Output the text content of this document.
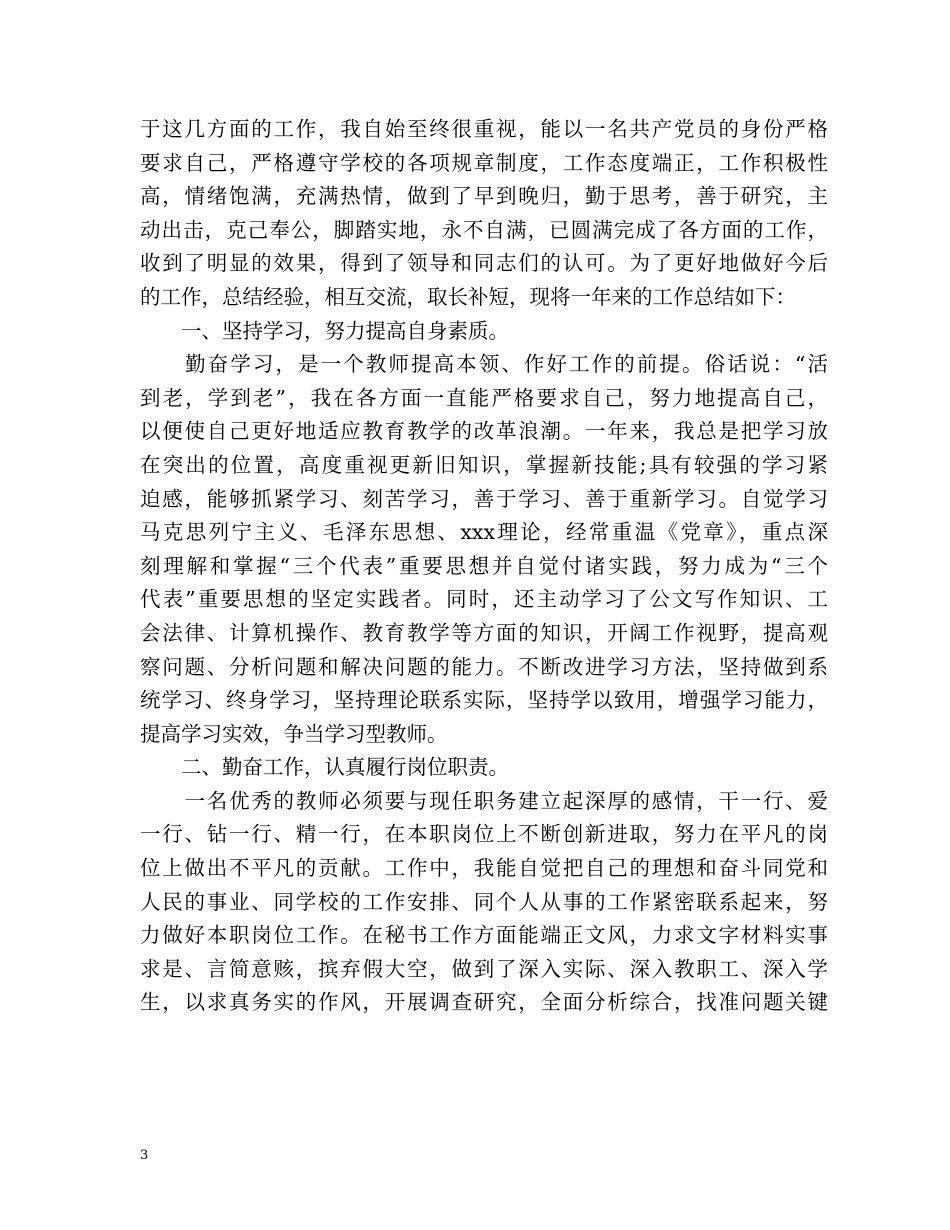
于这几方面的工作，我自始至终很重视，能以一名共产党员的身份严格
要求自己，严格遵守学校的各项规章制度，工作态度端正，工作积极性
高，情绪饱满，充满热情，做到了早到晚归，勤于思考，善于研究，主
动出击，克己奉公，脚踏实地，永不自满，已圆满完成了各方面的工作，
收到了明显的效果，得到了领导和同志们的认可。为了更好地做好今后
的工作，总结经验，相互交流，取长补短，现将一年来的工作总结如下：
　　一、坚持学习，努力提高自身素质。
　　勤奋学习，是一个教师提高本领、作好工作的前提。俗话说：“活
到老，学到老”，我在各方面一直能严格要求自己，努力地提高自己，
以便使自己更好地适应教育教学的改革浪潮。一年来，我总是把学习放
在突出的位置，高度重视更新旧知识，掌握新技能;具有较强的学习紧
迫感，能够抓紧学习、刻苦学习，善于学习、善于重新学习。自觉学习
马克思列宁主义、毛泽东思想、xxx理论，经常重温《党章》，重点深
刻理解和掌握“三个代表”重要思想并自觉付诸实践，努力成为“三个
代表”重要思想的坚定实践者。同时，还主动学习了公文写作知识、工
会法律、计算机操作、教育教学等方面的知识，开阔工作视野，提高观
察问题、分析问题和解决问题的能力。不断改进学习方法，坚持做到系
统学习、终身学习，坚持理论联系实际，坚持学以致用，增强学习能力，
提高学习实效，争当学习型教师。
　　二、勤奋工作，认真履行岗位职责。
　　一名优秀的教师必须要与现任职务建立起深厚的感情，干一行、爱
一行、钻一行、精一行，在本职岗位上不断创新进取，努力在平凡的岗
位上做出不平凡的贡献。工作中，我能自觉把自己的理想和奋斗同党和
人民的事业、同学校的工作安排、同个人从事的工作紧密联系起来，努
力做好本职岗位工作。在秘书工作方面能端正文风，力求文字材料实事
求是、言简意赅，摈弃假大空，做到了深入实际、深入教职工、深入学
生，以求真务实的作风，开展调查研究，全面分析综合，找准问题关键
3
